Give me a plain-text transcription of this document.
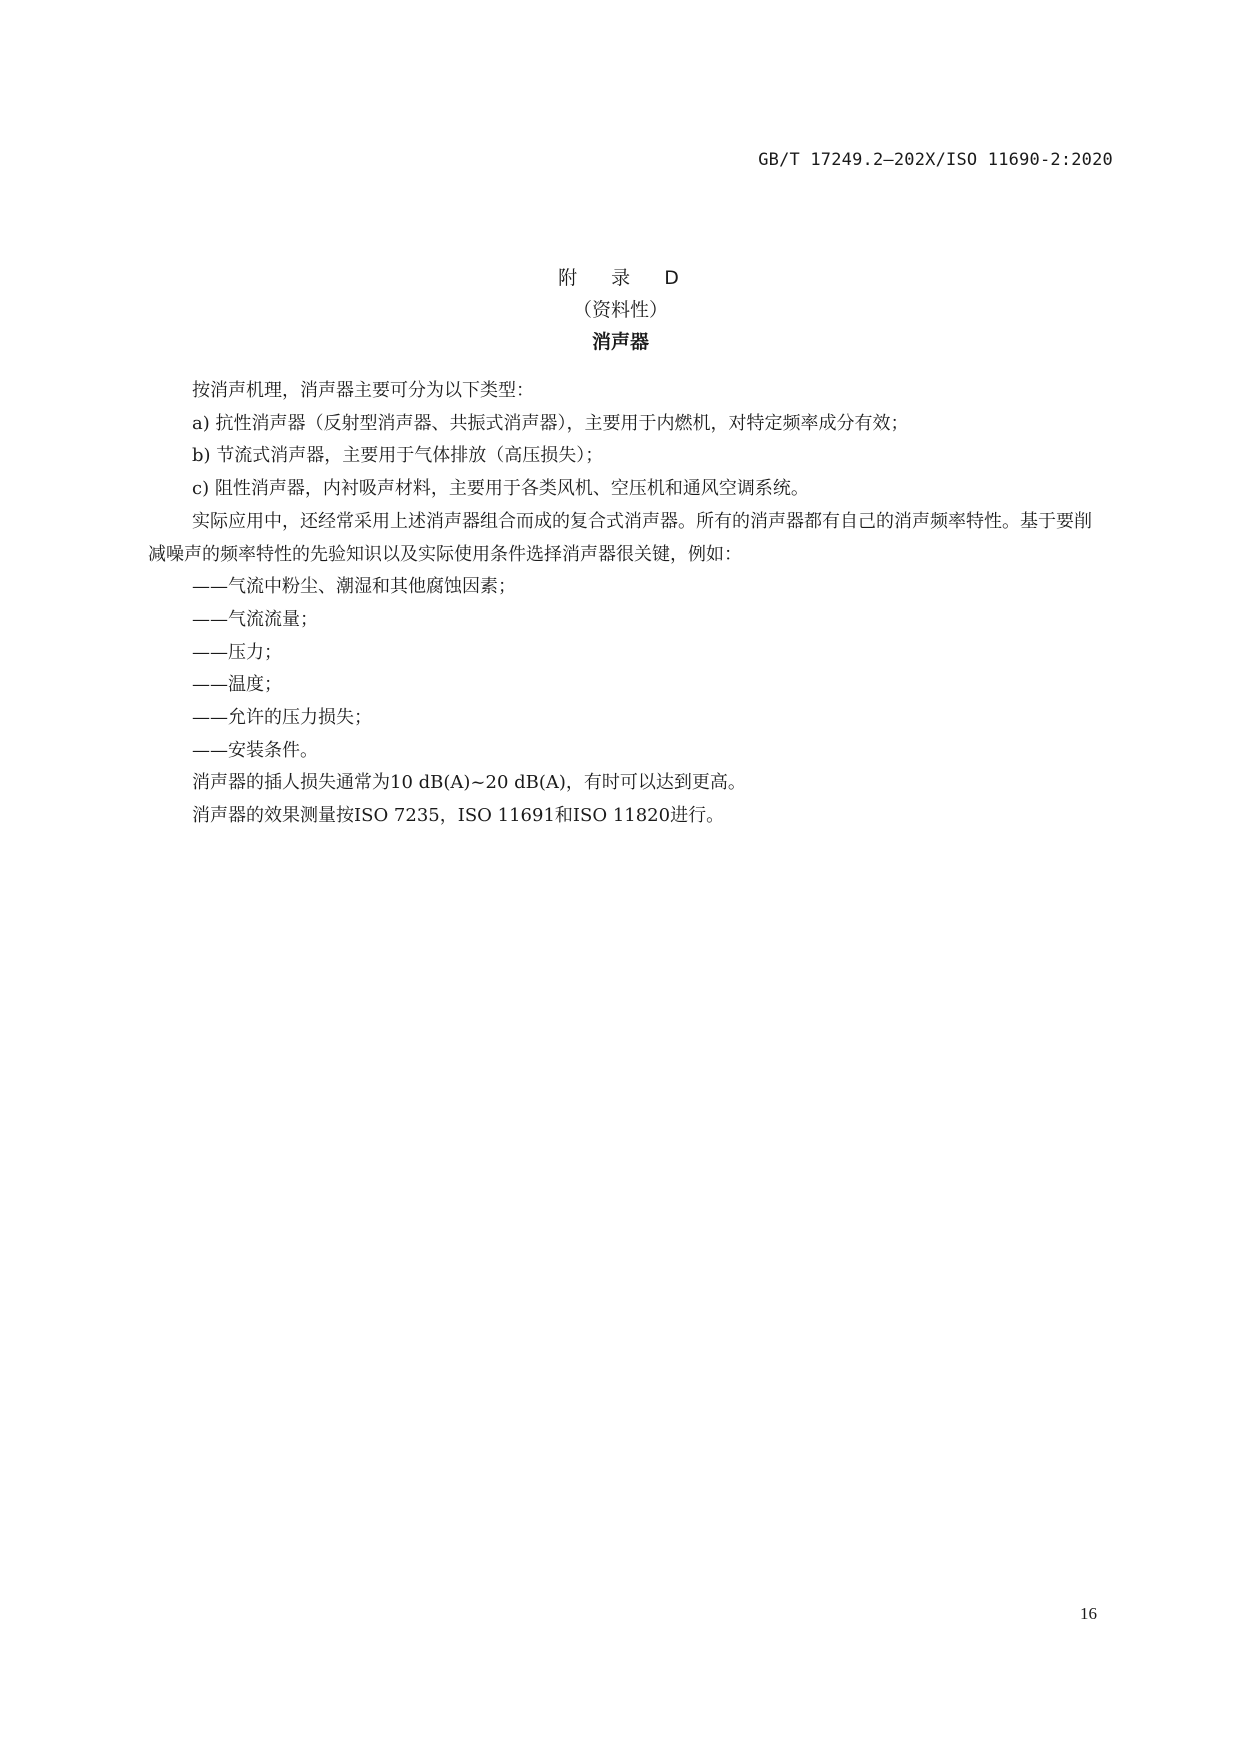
GB/T 17249.2—202X/ISO 11690-2:2020
附 录 D
（资料性）
消声器

按消声机理，消声器主要可分为以下类型：

a) 抗性消声器（反射型消声器、共振式消声器），主要用于内燃机，对特定频率成分有效；

b) 节流式消声器，主要用于气体排放（高压损失）；

c) 阻性消声器，内衬吸声材料，主要用于各类风机、空压机和通风空调系统。

实际应用中，还经常采用上述消声器组合而成的复合式消声器。所有的消声器都有自己的消声频率特性。基于要削减噪声的频率特性的先验知识以及实际使用条件选择消声器很关键，例如：

——气流中粉尘、潮湿和其他腐蚀因素；

——气流流量；

——压力；

——温度；

——允许的压力损失；

——安装条件。

消声器的插人损失通常为10 dB(A)~20 dB(A)，有时可以达到更高。

消声器的效果测量按ISO 7235，ISO 11691和ISO 11820进行。

16
